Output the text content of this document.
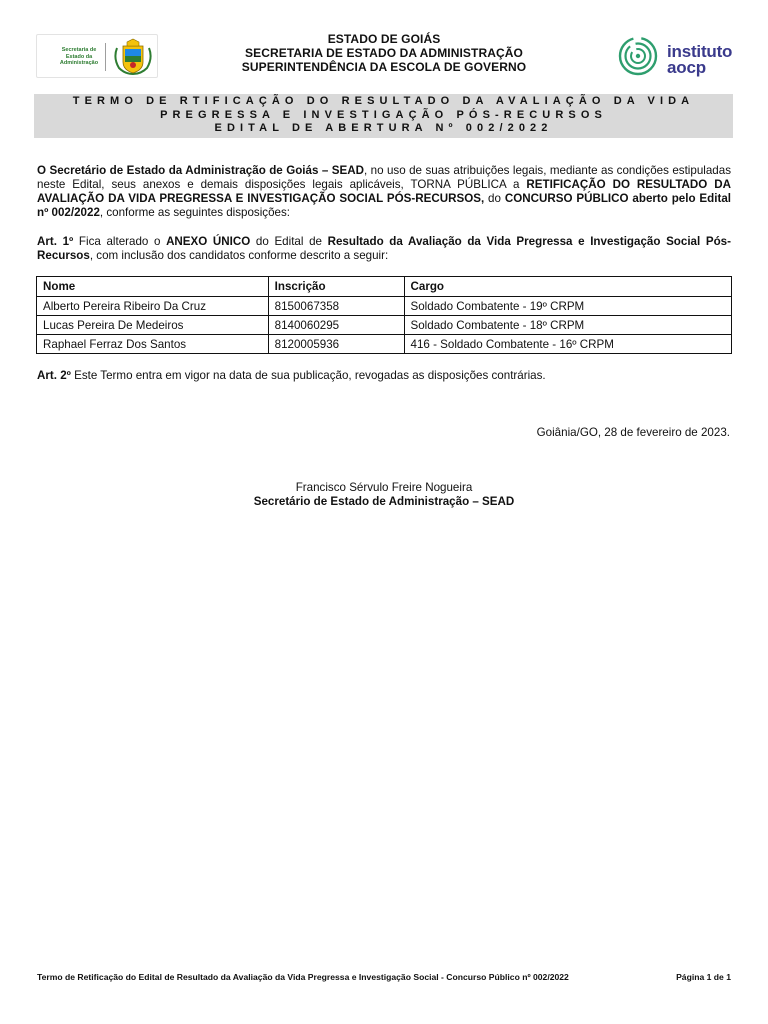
Secretaria de Estado da Administração
ESTADO DE GOIÁS
SECRETARIA DE ESTADO DA ADMINISTRAÇÃO
SUPERINTENDÊNCIA DA ESCOLA DE GOVERNO
instituto
aocp
TERMO DE RTIFICAÇÃO DO RESULTADO DA AVALIAÇÃO DA VIDA
PREGRESSA E INVESTIGAÇÃO PÓS-RECURSOS
EDITAL DE ABERTURA Nº 002/2022
O Secretário de Estado da Administração de Goiás – SEAD, no uso de suas atribuições legais, mediante as condições estipuladas neste Edital, seus anexos e demais disposições legais aplicáveis, TORNA PÚBLICA a RETIFICAÇÃO DO RESULTADO DA AVALIAÇÃO DA VIDA PREGRESSA E INVESTIGAÇÃO SOCIAL PÓS-RECURSOS, do CONCURSO PÚBLICO aberto pelo Edital nº 002/2022, conforme as seguintes disposições:
Art. 1º Fica alterado o ANEXO ÚNICO do Edital de Resultado da Avaliação da Vida Pregressa e Investigação Social Pós-Recursos, com inclusão dos candidatos conforme descrito a seguir:
Nome	Inscrição	Cargo
Alberto Pereira Ribeiro Da Cruz	8150067358	Soldado Combatente - 19º CRPM
Lucas Pereira De Medeiros	8140060295	Soldado Combatente - 18º CRPM
Raphael Ferraz Dos Santos	8120005936	416 - Soldado Combatente - 16º CRPM
Art. 2º Este Termo entra em vigor na data de sua publicação, revogadas as disposições contrárias.
Goiânia/GO, 28 de fevereiro de 2023.
Francisco Sérvulo Freire Nogueira
Secretário de Estado de Administração – SEAD
Termo de Retificação do Edital de Resultado da Avaliação da Vida Pregressa e Investigação Social - Concurso Público nº 002/2022	Página 1 de 1
